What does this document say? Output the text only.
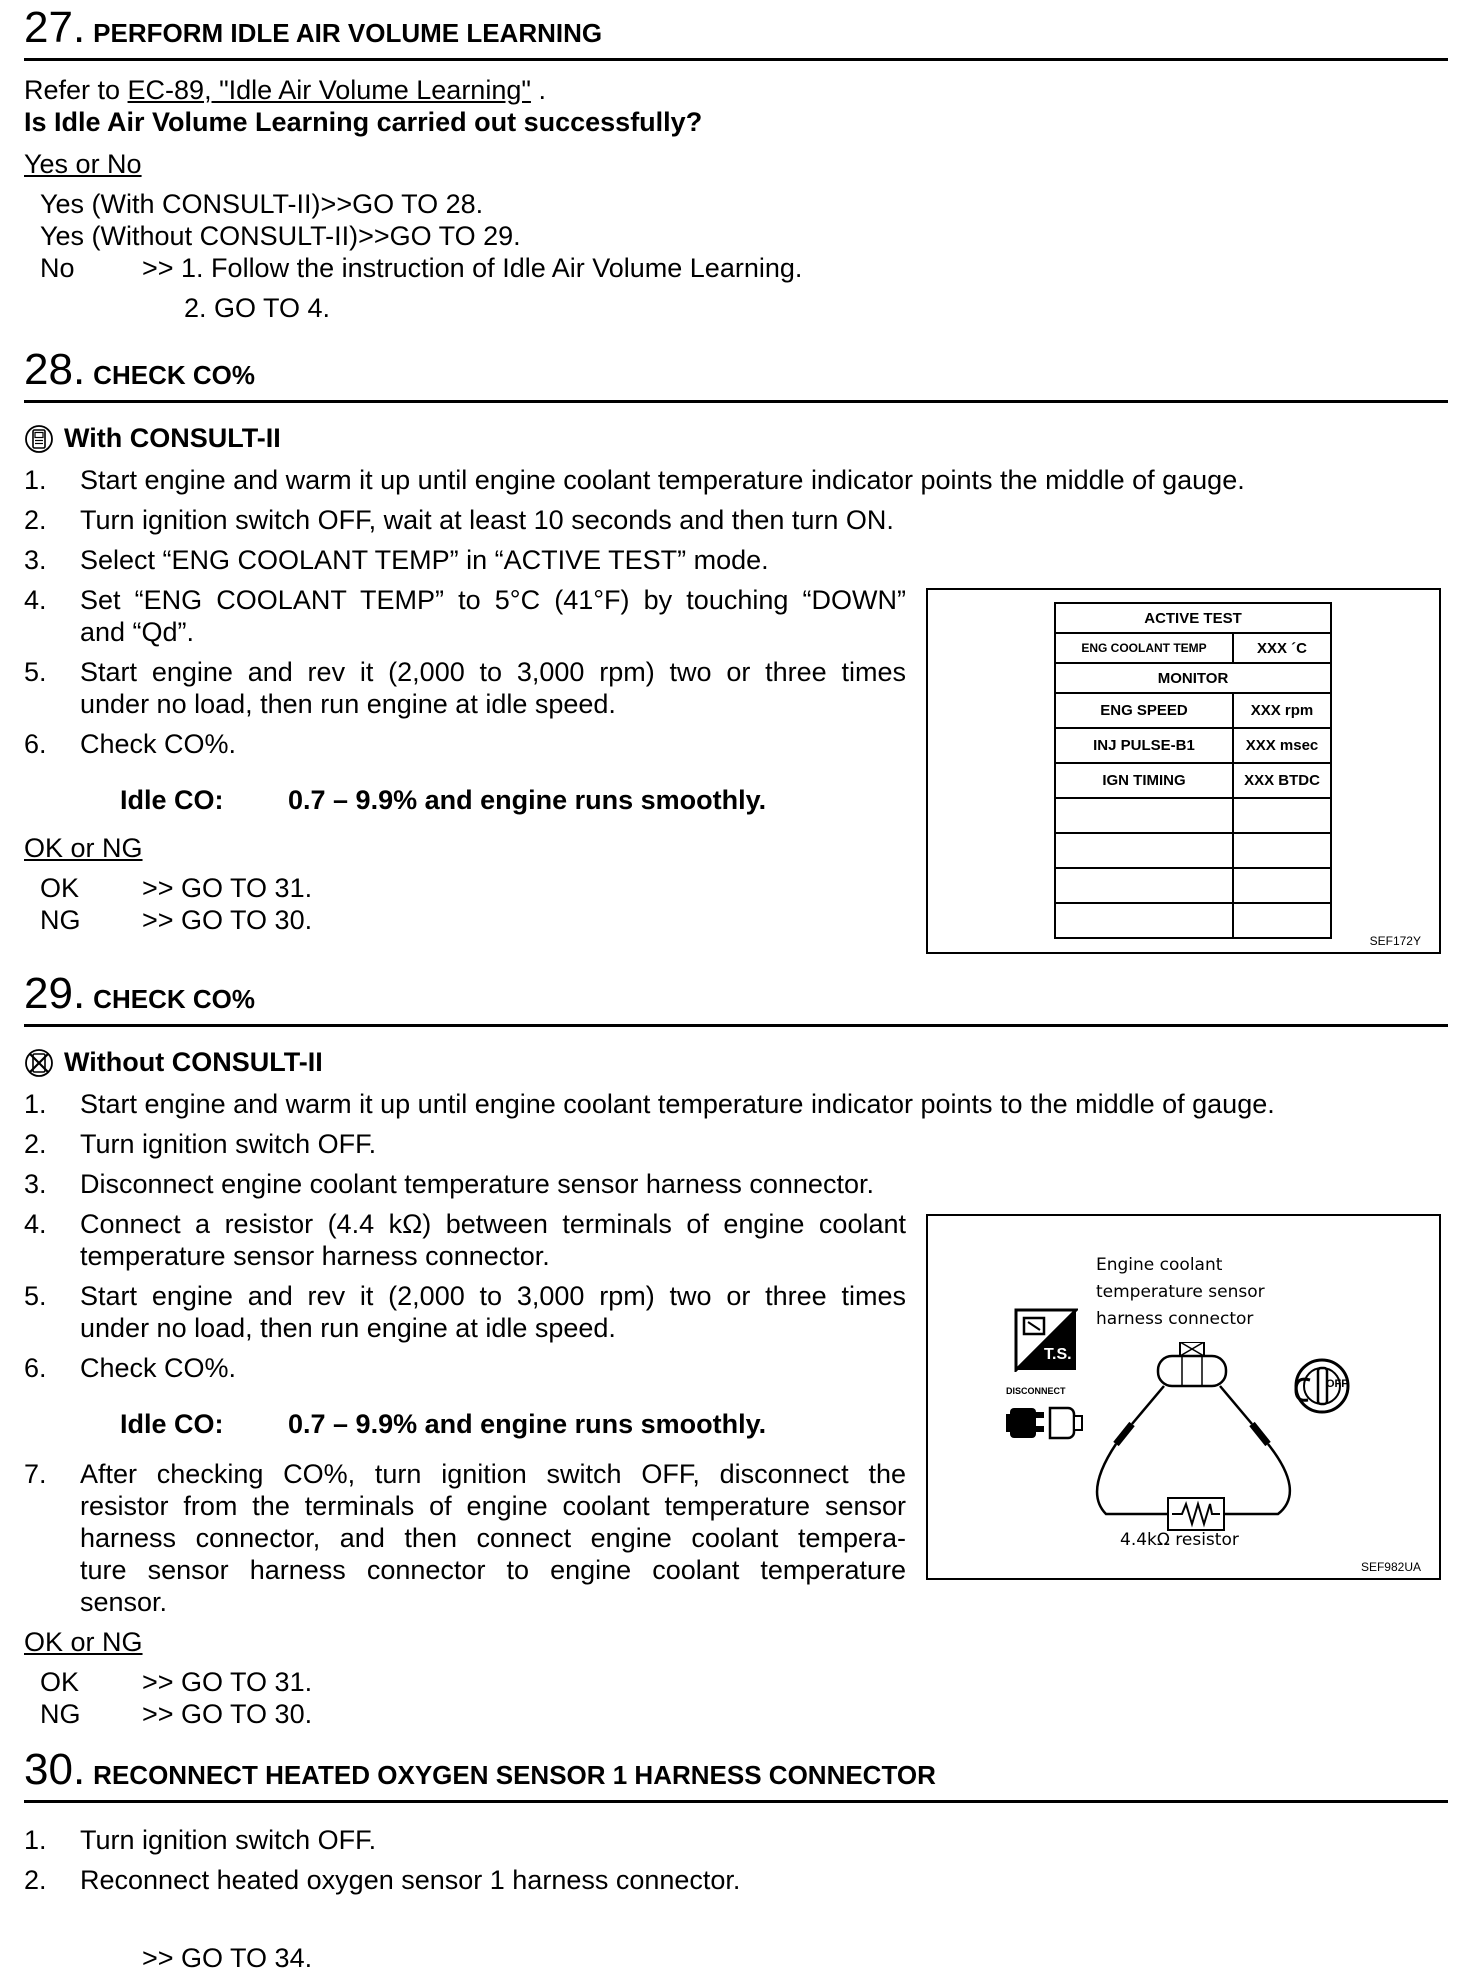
27. PERFORM IDLE AIR VOLUME LEARNING
Refer to EC-89, "Idle Air Volume Learning" .
Is Idle Air Volume Learning carried out successfully?
Yes or No
Yes (With CONSULT-II)>>GO TO 28.
Yes (Without CONSULT-II)>>GO TO 29.
No >> 1. Follow the instruction of Idle Air Volume Learning.
2. GO TO 4.
28. CHECK CO%
With CONSULT-II
1. Start engine and warm it up until engine coolant temperature indicator points the middle of gauge.
2. Turn ignition switch OFF, wait at least 10 seconds and then turn ON.
3. Select “ENG COOLANT TEMP” in “ACTIVE TEST” mode.
4. Set “ENG COOLANT TEMP” to 5°C (41°F) by touching “DOWN”
and “Qd”.
5. Start engine and rev it (2,000 to 3,000 rpm) two or three times
under no load, then run engine at idle speed.
6. Check CO%.
Idle CO: 0.7 – 9.9% and engine runs smoothly.
OK or NG
OK >> GO TO 31.
NG >> GO TO 30.
ACTIVE TEST	
ENG COOLANT TEMP	XXX ´C
MONITOR	
ENG SPEED	XXX rpm
INJ PULSE-B1	XXX msec
IGN TIMING	XXX BTDC

SEF172Y
29. CHECK CO%
Without CONSULT-II
1. Start engine and warm it up until engine coolant temperature indicator points to the middle of gauge.
2. Turn ignition switch OFF.
3. Disconnect engine coolant temperature sensor harness connector.
4. Connect a resistor (4.4 kΩ) between terminals of engine coolant
temperature sensor harness connector.
5. Start engine and rev it (2,000 to 3,000 rpm) two or three times
under no load, then run engine at idle speed.
6. Check CO%.
Idle CO: 0.7 – 9.9% and engine runs smoothly.
7. After checking CO%, turn ignition switch OFF, disconnect the
resistor from the terminals of engine coolant temperature sensor
harness connector, and then connect engine coolant tempera-
ture sensor harness connector to engine coolant temperature
sensor.
OK or NG
OK >> GO TO 31.
NG >> GO TO 30.
Engine coolant
temperature sensor
harness connector
T.S.
DISCONNECT
OFF
4.4kΩ resistor
SEF982UA
30. RECONNECT HEATED OXYGEN SENSOR 1 HARNESS CONNECTOR
1. Turn ignition switch OFF.
2. Reconnect heated oxygen sensor 1 harness connector.
>> GO TO 34.
